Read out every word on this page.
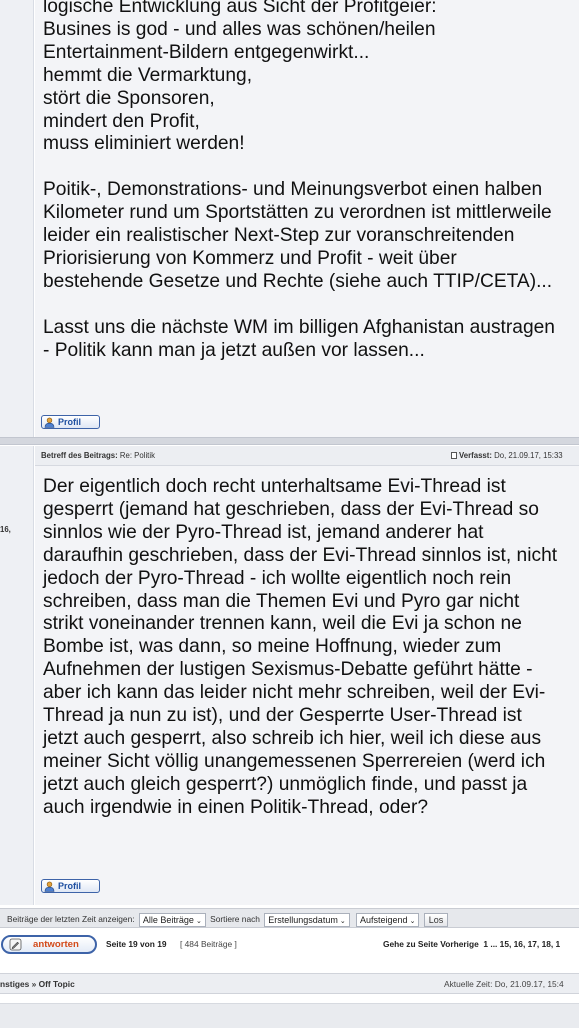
logische Entwicklung aus Sicht der Profitgeier:

Busines is god - und alles was schönen/heilen

Entertainment-Bildern entgegenwirkt...

hemmt die Vermarktung,

stört die Sponsoren,

mindert den Profit,

muss eliminiert werden!

Poitik-, Demonstrations- und Meinungsverbot einen halben

Kilometer rund um Sportstätten zu verordnen ist mittlerweile

leider ein realistischer Next-Step zur voranschreitenden

Priorisierung von Kommerz und Profit - weit über

bestehende Gesetze und Rechte (siehe auch TTIP/CETA)...

Lasst uns die nächste WM im billigen Afghanistan austragen

- Politik kann man ja jetzt außen vor lassen...

Profil
Betreff des Beitrags: Re: Politik	Verfasst: Do, 21.09.17, 15:33
16,

Der eigentlich doch recht unterhaltsame Evi-Thread ist

gesperrt (jemand hat geschrieben, dass der Evi-Thread so

sinnlos wie der Pyro-Thread ist, jemand anderer hat

daraufhin geschrieben, dass der Evi-Thread sinnlos ist, nicht

jedoch der Pyro-Thread - ich wollte eigentlich noch rein

schreiben, dass man die Themen Evi und Pyro gar nicht

strikt voneinander trennen kann, weil die Evi ja schon ne

Bombe ist, was dann, so meine Hoffnung, wieder zum

Aufnehmen der lustigen Sexismus-Debatte geführt hätte -

aber ich kann das leider nicht mehr schreiben, weil der Evi-

Thread ja nun zu ist), und der Gesperrte User-Thread ist

jetzt auch gesperrt, also schreib ich hier, weil ich diese aus

meiner Sicht völlig unangemessenen Sperrereien (werd ich

jetzt auch gleich gesperrt?) unmöglich finde, und passt ja

auch irgendwie in einen Politik-Thread, oder?

Profil
Beiträge der letzten Zeit anzeigen: Alle Beiträge ⌄ Sortiere nach Erstellungsdatum ⌄ Aufsteigend ⌄ Los
antworten	Seite 19 von 19 [ 484 Beiträge ]	Gehe zu Seite Vorherige 1 ... 15, 16, 17, 18, 1
nstiges » Off Topic	Aktuelle Zeit: Do, 21.09.17, 15:4
